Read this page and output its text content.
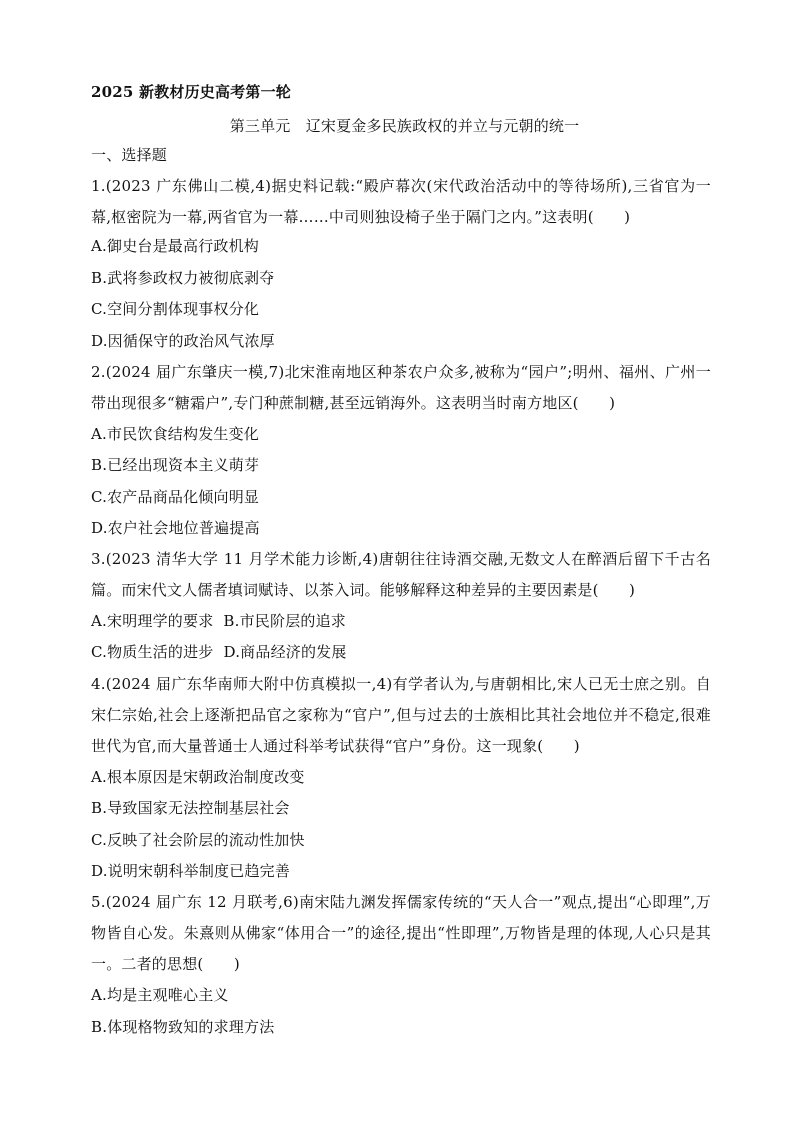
2025 新教材历史高考第一轮
第三单元　辽宋夏金多民族政权的并立与元朝的统一
一、选择题
1.(2023 广东佛山二模,4)据史料记载:“殿庐幕次(宋代政治活动中的等待场所),三省官为一幕,枢密院为一幕,两省官为一幕……中司则独设椅子坐于隔门之内。”这表明(　　)
A.御史台是最高行政机构
B.武将参政权力被彻底剥夺
C.空间分割体现事权分化
D.因循保守的政治风气浓厚
2.(2024 届广东肇庆一模,7)北宋淮南地区种茶农户众多,被称为“园户”;明州、福州、广州一带出现很多“糖霜户”,专门种蔗制糖,甚至远销海外。这表明当时南方地区(　　)
A.市民饮食结构发生变化
B.已经出现资本主义萌芽
C.农产品商品化倾向明显
D.农户社会地位普遍提高
3.(2023 清华大学 11 月学术能力诊断,4)唐朝往往诗酒交融,无数文人在醉酒后留下千古名篇。而宋代文人儒者填词赋诗、以茶入词。能够解释这种差异的主要因素是(　　)
A.宋明理学的要求 B.市民阶层的追求
C.物质生活的进步 D.商品经济的发展
4.(2024 届广东华南师大附中仿真模拟一,4)有学者认为,与唐朝相比,宋人已无士庶之别。自宋仁宗始,社会上逐渐把品官之家称为“官户”,但与过去的士族相比其社会地位并不稳定,很难世代为官,而大量普通士人通过科举考试获得“官户”身份。这一现象(　　)
A.根本原因是宋朝政治制度改变
B.导致国家无法控制基层社会
C.反映了社会阶层的流动性加快
D.说明宋朝科举制度已趋完善
5.(2024 届广东 12 月联考,6)南宋陆九渊发挥儒家传统的“天人合一”观点,提出“心即理”,万物皆自心发。朱熹则从佛家“体用合一”的途径,提出“性即理”,万物皆是理的体现,人心只是其一。二者的思想(　　)
A.均是主观唯心主义
B.体现格物致知的求理方法
